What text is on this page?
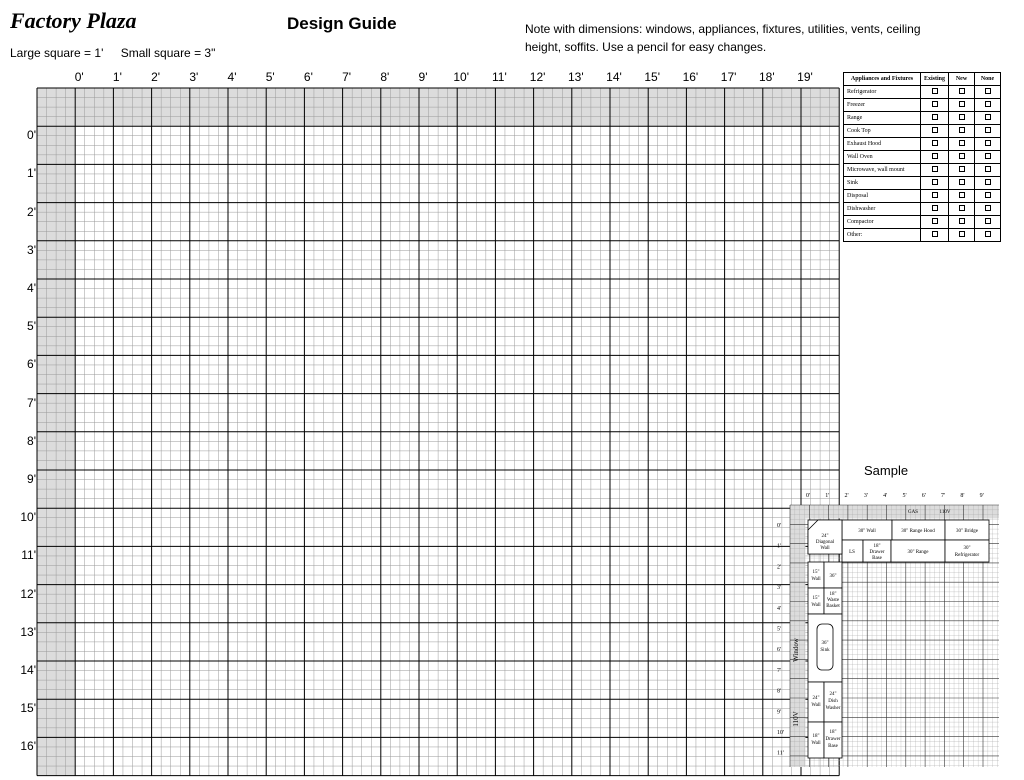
Factory Plaza
Large square = 1' Small square = 3"
Design Guide	Note with dimensions: windows, appliances, fixtures, utilities, vents, ceiling height, soffits. Use a pencil for easy changes.
0' 1' 2' 3' 4' 5' 6' 7' 8' 9' 10' 11' 12' 13' 14' 15' 16' 17' 18' 19'
0'
1'
2'
3'
4'
5'
6'
7'
8'
9'
10'
11'
12'
13'
14'
15'
16'
Appliances and Fixtures	Existing	New	None
Refrigerator			
Freezer			
Range			
Cook Top			
Exhaust Hood			
Wall Oven			
Microwave, wall mount			
Sink			
Disposal			
Dishwasher			
Compactor			
Other:			
Sample
GAS	110V
30" Wall	30" Range Hood	30" Bridge
24"
Diagonal
Wall
LS
18"
Drawer
Base
30" Range
30"
Refrigerator
15"
Wall
36"
15"
Wall
18"
Waste
Basket
36"
Sink
24"
Wall
24"
Dish
Washer
18"
Wall
18"
Drawer
Base
Window
110V
0'	1'	2'	3'	4'	5'	6'	7'	8'	9'
0'
1'
2'
3'
4'
5'
6'
7'
8'
9'
10'
11'
